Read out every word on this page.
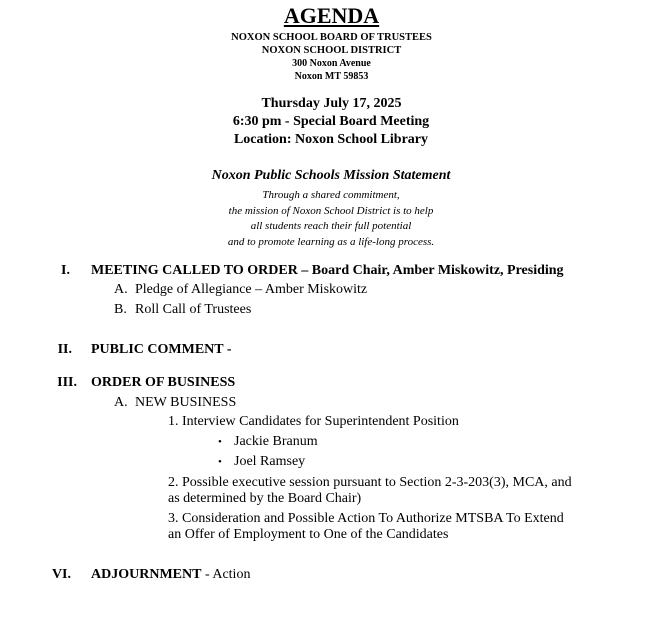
AGENDA
NOXON SCHOOL BOARD OF TRUSTEES
NOXON SCHOOL DISTRICT
300 Noxon Avenue
Noxon MT 59853
Thursday July 17, 2025
6:30 pm - Special Board Meeting
Location: Noxon School Library
Noxon Public Schools Mission Statement
Through a shared commitment,
the mission of Noxon School District is to help
all students reach their full potential
and to promote learning as a life-long process.
I. MEETING CALLED TO ORDER – Board Chair, Amber Miskowitz, Presiding
A. Pledge of Allegiance – Amber Miskowitz
B. Roll Call of Trustees
II. PUBLIC COMMENT -
III. ORDER OF BUSINESS
A. NEW BUSINESS
1. Interview Candidates for Superintendent Position
• Jackie Branum
• Joel Ramsey
2. Possible executive session pursuant to Section 2-3-203(3), MCA, and
as determined by the Board Chair)
3. Consideration and Possible Action To Authorize MTSBA To Extend
an Offer of Employment to One of the Candidates
VI. ADJOURNMENT - Action
